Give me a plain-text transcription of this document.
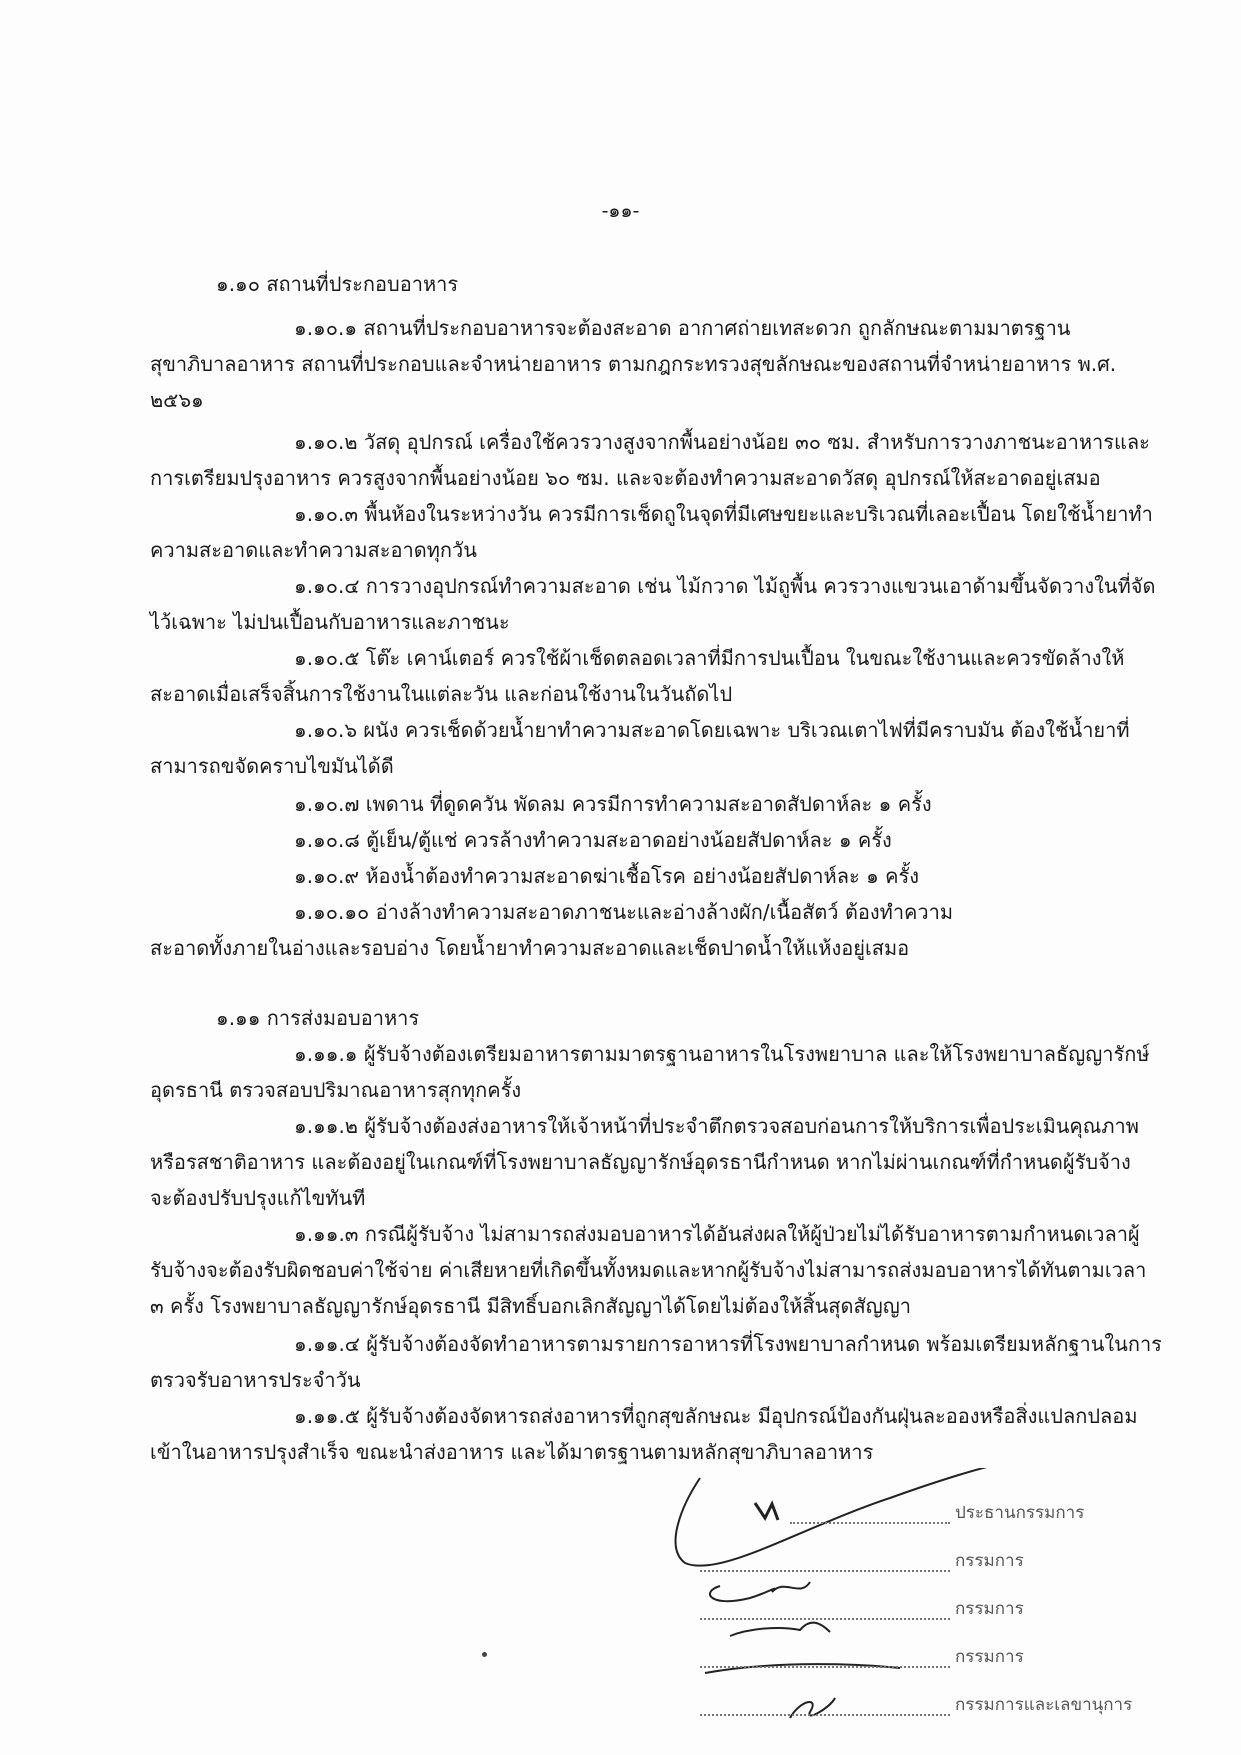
-๑๑-
๑.๑๐ สถานที่ประกอบอาหาร
๑.๑๐.๑ สถานที่ประกอบอาหารจะต้องสะอาด อากาศถ่ายเทสะดวก ถูกลักษณะตามมาตรฐาน
สุขาภิบาลอาหาร สถานที่ประกอบและจำหน่ายอาหาร ตามกฎกระทรวงสุขลักษณะของสถานที่จำหน่ายอาหาร พ.ศ.
๒๕๖๑
๑.๑๐.๒ วัสดุ อุปกรณ์ เครื่องใช้ควรวางสูงจากพื้นอย่างน้อย ๓๐ ซม. สำหรับการวางภาชนะอาหารและ
การเตรียมปรุงอาหาร ควรสูงจากพื้นอย่างน้อย ๖๐ ซม. และจะต้องทำความสะอาดวัสดุ อุปกรณ์ให้สะอาดอยู่เสมอ
๑.๑๐.๓ พื้นห้องในระหว่างวัน ควรมีการเช็ดถูในจุดที่มีเศษขยะและบริเวณที่เลอะเปื้อน โดยใช้น้ำยาทำ
ความสะอาดและทำความสะอาดทุกวัน
๑.๑๐.๔ การวางอุปกรณ์ทำความสะอาด เช่น ไม้กวาด ไม้ถูพื้น ควรวางแขวนเอาด้ามขึ้นจัดวางในที่จัด
ไว้เฉพาะ ไม่ปนเปื้อนกับอาหารและภาชนะ
๑.๑๐.๕ โต๊ะ เคาน์เตอร์ ควรใช้ผ้าเช็ดตลอดเวลาที่มีการปนเปื้อน ในขณะใช้งานและควรขัดล้างให้
สะอาดเมื่อเสร็จสิ้นการใช้งานในแต่ละวัน และก่อนใช้งานในวันถัดไป
๑.๑๐.๖ ผนัง ควรเช็ดด้วยน้ำยาทำความสะอาดโดยเฉพาะ บริเวณเตาไฟที่มีคราบมัน ต้องใช้น้ำยาที่
สามารถขจัดคราบไขมันได้ดี
๑.๑๐.๗ เพดาน ที่ดูดควัน พัดลม ควรมีการทำความสะอาดสัปดาห์ละ ๑ ครั้ง
๑.๑๐.๘ ตู้เย็น/ตู้แช่ ควรล้างทำความสะอาดอย่างน้อยสัปดาห์ละ ๑ ครั้ง
๑.๑๐.๙ ห้องน้ำต้องทำความสะอาดฆ่าเชื้อโรค อย่างน้อยสัปดาห์ละ ๑ ครั้ง
๑.๑๐.๑๐ อ่างล้างทำความสะอาดภาชนะและอ่างล้างผัก/เนื้อสัตว์ ต้องทำความ
สะอาดทั้งภายในอ่างและรอบอ่าง โดยน้ำยาทำความสะอาดและเช็ดปาดน้ำให้แห้งอยู่เสมอ
๑.๑๑ การส่งมอบอาหาร
๑.๑๑.๑ ผู้รับจ้างต้องเตรียมอาหารตามมาตรฐานอาหารในโรงพยาบาล และให้โรงพยาบาลธัญญารักษ์
อุดรธานี ตรวจสอบปริมาณอาหารสุกทุกครั้ง
๑.๑๑.๒ ผู้รับจ้างต้องส่งอาหารให้เจ้าหน้าที่ประจำตึกตรวจสอบก่อนการให้บริการเพื่อประเมินคุณภาพ
หรือรสชาติอาหาร และต้องอยู่ในเกณฑ์ที่โรงพยาบาลธัญญารักษ์อุดรธานีกำหนด หากไม่ผ่านเกณฑ์ที่กำหนดผู้รับจ้าง
จะต้องปรับปรุงแก้ไขทันที
๑.๑๑.๓ กรณีผู้รับจ้าง ไม่สามารถส่งมอบอาหารได้อันส่งผลให้ผู้ป่วยไม่ได้รับอาหารตามกำหนดเวลาผู้
รับจ้างจะต้องรับผิดชอบค่าใช้จ่าย ค่าเสียหายที่เกิดขึ้นทั้งหมดและหากผู้รับจ้างไม่สามารถส่งมอบอาหารได้ทันตามเวลา
๓ ครั้ง โรงพยาบาลธัญญารักษ์อุดรธานี มีสิทธิ์บอกเลิกสัญญาได้โดยไม่ต้องให้สิ้นสุดสัญญา
๑.๑๑.๔ ผู้รับจ้างต้องจัดทำอาหารตามรายการอาหารที่โรงพยาบาลกำหนด พร้อมเตรียมหลักฐานในการ
ตรวจรับอาหารประจำวัน
๑.๑๑.๕ ผู้รับจ้างต้องจัดหารถส่งอาหารที่ถูกสุขลักษณะ มีอุปกรณ์ป้องกันฝุ่นละอองหรือสิ่งแปลกปลอม
เข้าในอาหารปรุงสำเร็จ ขณะนำส่งอาหาร และได้มาตรฐานตามหลักสุขาภิบาลอาหาร
ประธานกรรมการ
กรรมการ
กรรมการ
กรรมการ
กรรมการและเลขานุการ
